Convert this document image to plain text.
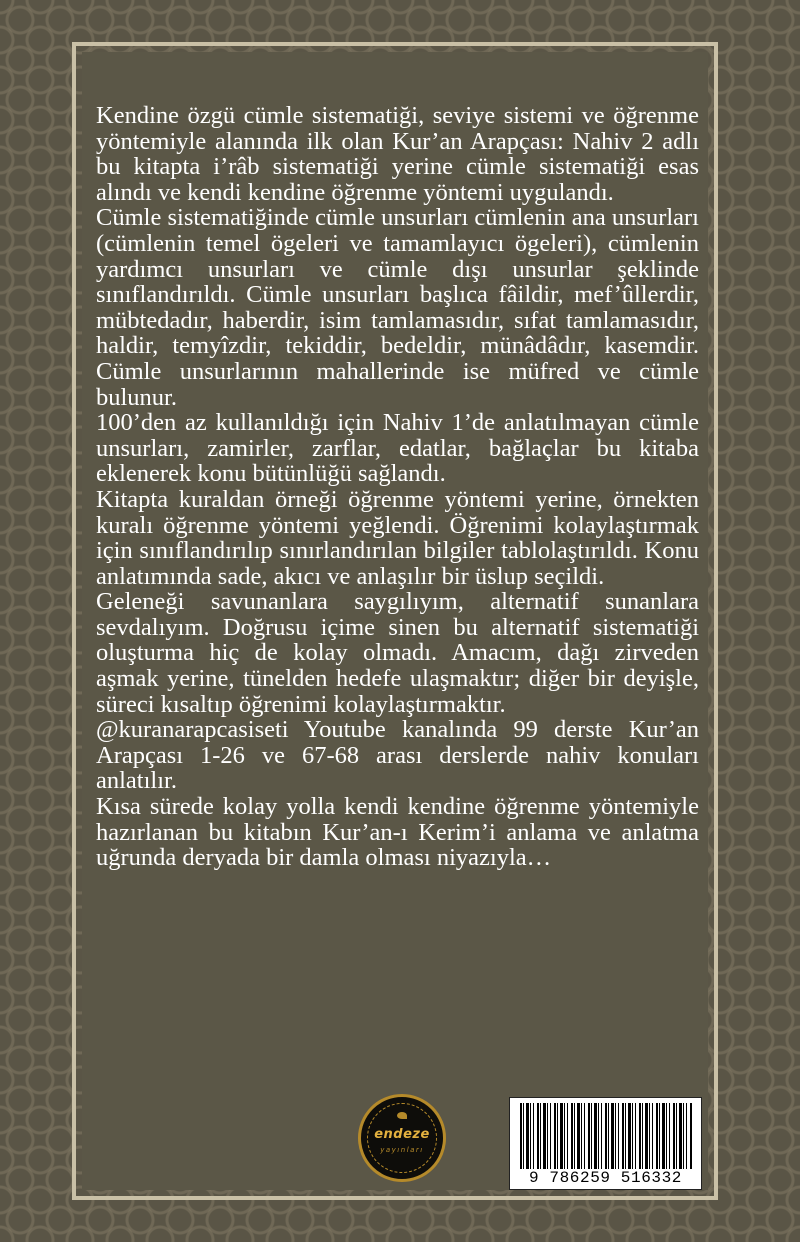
Kendine özgü cümle sistematiği, seviye sistemi ve öğrenme yöntemiyle alanında ilk olan Kur’an Arapçası: Nahiv 2 adlı bu kitapta i’râb sistematiği yerine cümle sistematiği esas alındı ve kendi kendine öğrenme yöntemi uygulandı.

Cümle sistematiğinde cümle unsurları cümlenin ana unsurları (cümlenin temel ögeleri ve tamamlayıcı ögeleri), cümlenin yardımcı unsurları ve cümle dışı unsurlar şeklinde sınıflandırıldı. Cümle unsurları başlıca fâildir, mef’ûllerdir, mübtedadır, haberdir, isim tamlamasıdır, sıfat tamlamasıdır, haldir, temyîzdir, tekiddir, bedeldir, münâdâdır, kasemdir. Cümle unsurlarının mahallerinde ise müfred ve cümle bulunur.

100’den az kullanıldığı için Nahiv 1’de anlatılmayan cümle unsurları, zamirler, zarflar, edatlar, bağlaçlar bu kitaba eklenerek konu bütünlüğü sağlandı.

Kitapta kuraldan örneği öğrenme yöntemi yerine, örnekten kuralı öğrenme yöntemi yeğlendi. Öğrenimi kolaylaştırmak için sınıflandırılıp sınırlandırılan bilgiler tablolaştırıldı. Konu anlatımında sade, akıcı ve anlaşılır bir üslup seçildi.

Geleneği savunanlara saygılıyım, alternatif sunanlara sevdalıyım. Doğrusu içime sinen bu alternatif sistematiği oluşturma hiç de kolay olmadı. Amacım, dağı zirveden aşmak yerine, tünelden hedefe ulaşmaktır; diğer bir deyişle, süreci kısaltıp öğrenimi kolaylaştırmaktır.

@kuranarapcasiseti Youtube kanalında 99 derste Kur’an Arapçası 1-26 ve 67-68 arası derslerde nahiv konuları anlatılır.

Kısa sürede kolay yolla kendi kendine öğrenme yöntemiyle hazırlanan bu kitabın Kur’an-ı Kerim’i anlama ve anlatma uğrunda deryada bir damla olması niyazıyla…

endeze
yayınları
9 786259 516332
